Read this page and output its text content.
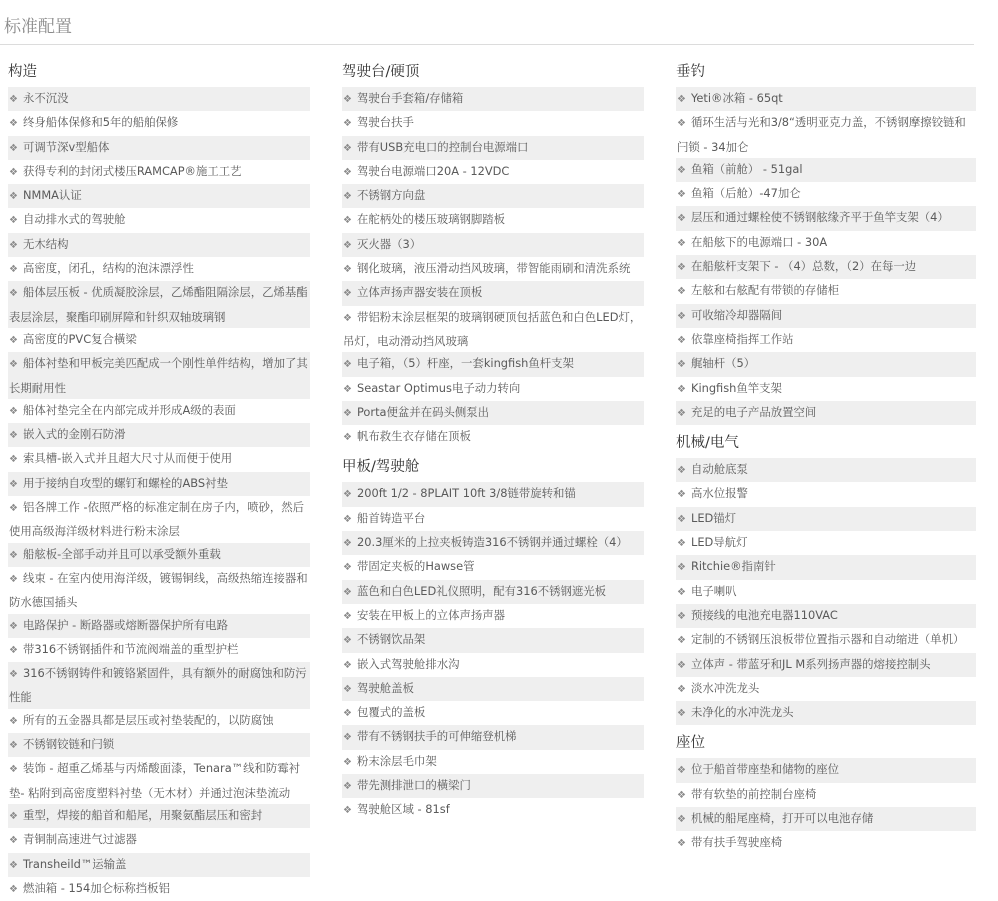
标准配置
构造
❖ 永不沉没
❖ 终身船体保修和5年的船舶保修
❖ 可调节深v型船体
❖ 获得专利的封闭式楼压RAMCAP®施工工艺
❖ NMMA认证
❖ 自动排水式的驾驶舱
❖ 无木结构
❖ 高密度，闭孔，结构的泡沫漂浮性
❖ 船体层压板 - 优质凝胶涂层，乙烯酯阻隔涂层，乙烯基酯表层涂层，聚酯印刷屏障和针织双轴玻璃钢
❖ 高密度的PVC复合橫梁
❖ 船体衬垫和甲板完美匹配成一个刚性单件结构，增加了其长期耐用性
❖ 船体衬垫完全在内部完成并形成A级的表面
❖ 嵌入式的金刚石防滑
❖ 索具槽-嵌入式并且超大尺寸从而便于使用
❖ 用于接纳自攻型的螺钉和螺栓的ABS衬垫
❖ 铝各牌工作 -依照严格的标准定制在房子内，喷砂，然后使用高级海洋级材料进行粉末涂层
❖ 船舷板-全部手动并且可以承受额外重载
❖ 线束 - 在室内使用海洋级，镀锡铜线，高级热缩连接器和防水德国插头
❖ 电路保护 - 断路器或熔断器保护所有电路
❖ 带316不锈钢插件和节流阀端盖的重型护栏
❖ 316不锈钢铸件和镀铬紧固件，具有额外的耐腐蚀和防污性能
❖ 所有的五金器具都是层压或衬垫装配的，以防腐蚀
❖ 不锈钢铰链和闩锁
❖ 装饰 - 超重乙烯基与丙烯酸面漆，Tenara™线和防霉衬垫- 粘附到高密度塑料衬垫（无木材）并通过泡沫垫流动
❖ 重型，焊接的船首和船尾，用聚氨酯层压和密封
❖ 青铜制高速进气过滤器
❖ Transheild™运输盖
❖ 燃油箱 - 154加仑标称挡板铝
驾驶台/硬顶
❖ 驾驶台手套箱/存储箱
❖ 驾驶台扶手
❖ 带有USB充电口的控制台电源端口
❖ 驾驶台电源端口20A - 12VDC
❖ 不锈钢方向盘
❖ 在舵柄处的楼压玻璃钢脚踏板
❖ 灭火器（3）
❖ 钢化玻璃，液压滑动挡风玻璃，带智能雨刷和清洗系统
❖ 立体声扬声器安装在顶板
❖ 带铝粉末涂层框架的玻璃钢硬顶包括蓝色和白色LED灯，吊灯，电动滑动挡风玻璃
❖ 电子箱，（5）杆座，一套kingfish鱼杆支架
❖ Seastar Optimus电子动力转向
❖ Porta便盆并在码头侧泵出
❖ 帆布救生衣存储在顶板
甲板/驾驶舱
❖ 200ft 1/2 - 8PLAIT 10ft 3/8链带旋转和锚
❖ 船首铸造平台
❖ 20.3厘米的上拉夹板铸造316不锈钢并通过螺栓（4）
❖ 带固定夹板的Hawse管
❖ 蓝色和白色LED礼仪照明，配有316不锈钢遮光板
❖ 安装在甲板上的立体声扬声器
❖ 不锈钢饮品架
❖ 嵌入式驾驶舱排水沟
❖ 驾驶舱盖板
❖ 包覆式的盖板
❖ 带有不锈钢扶手的可伸缩登机梯
❖ 粉末涂层毛巾架
❖ 带先测排泄口的橫梁门
❖ 驾驶舱区域 - 81sf
垂钓
❖ Yeti®冰箱 - 65qt
❖ 循环生活与光和3/8“透明亚克力盖，不锈钢摩擦铰链和闩锁 - 34加仑
❖ 鱼箱（前舱） - 51gal
❖ 鱼箱（后舱）-47加仑
❖ 层压和通过螺栓使不锈钢舷缘齐平于鱼竿支架（4）
❖ 在船舷下的电源端口 - 30A
❖ 在船舷杆支架下 - （4）总数，（2）在每一边
❖ 左舷和右舷配有带锁的存储柜
❖ 可收缩冷却器隔间
❖ 依靠座椅指挥工作站
❖ 艉轴杆（5）
❖ Kingfish鱼竿支架
❖ 充足的电子产品放置空间
机械/电气
❖ 自动舱底泵
❖ 高水位报警
❖ LED锚灯
❖ LED导航灯
❖ Ritchie®指南针
❖ 电子喇叭
❖ 预接线的电池充电器110VAC
❖ 定制的不锈钢压浪板带位置指示器和自动缩进（单机）
❖ 立体声 - 带蓝牙和JL M系列扬声器的熔接控制头
❖ 淡水冲洗龙头
❖ 未净化的水冲洗龙头
座位
❖ 位于船首带座垫和储物的座位
❖ 带有软垫的前控制台座椅
❖ 机械的船尾座椅，打开可以电池存储
❖ 带有扶手驾驶座椅
